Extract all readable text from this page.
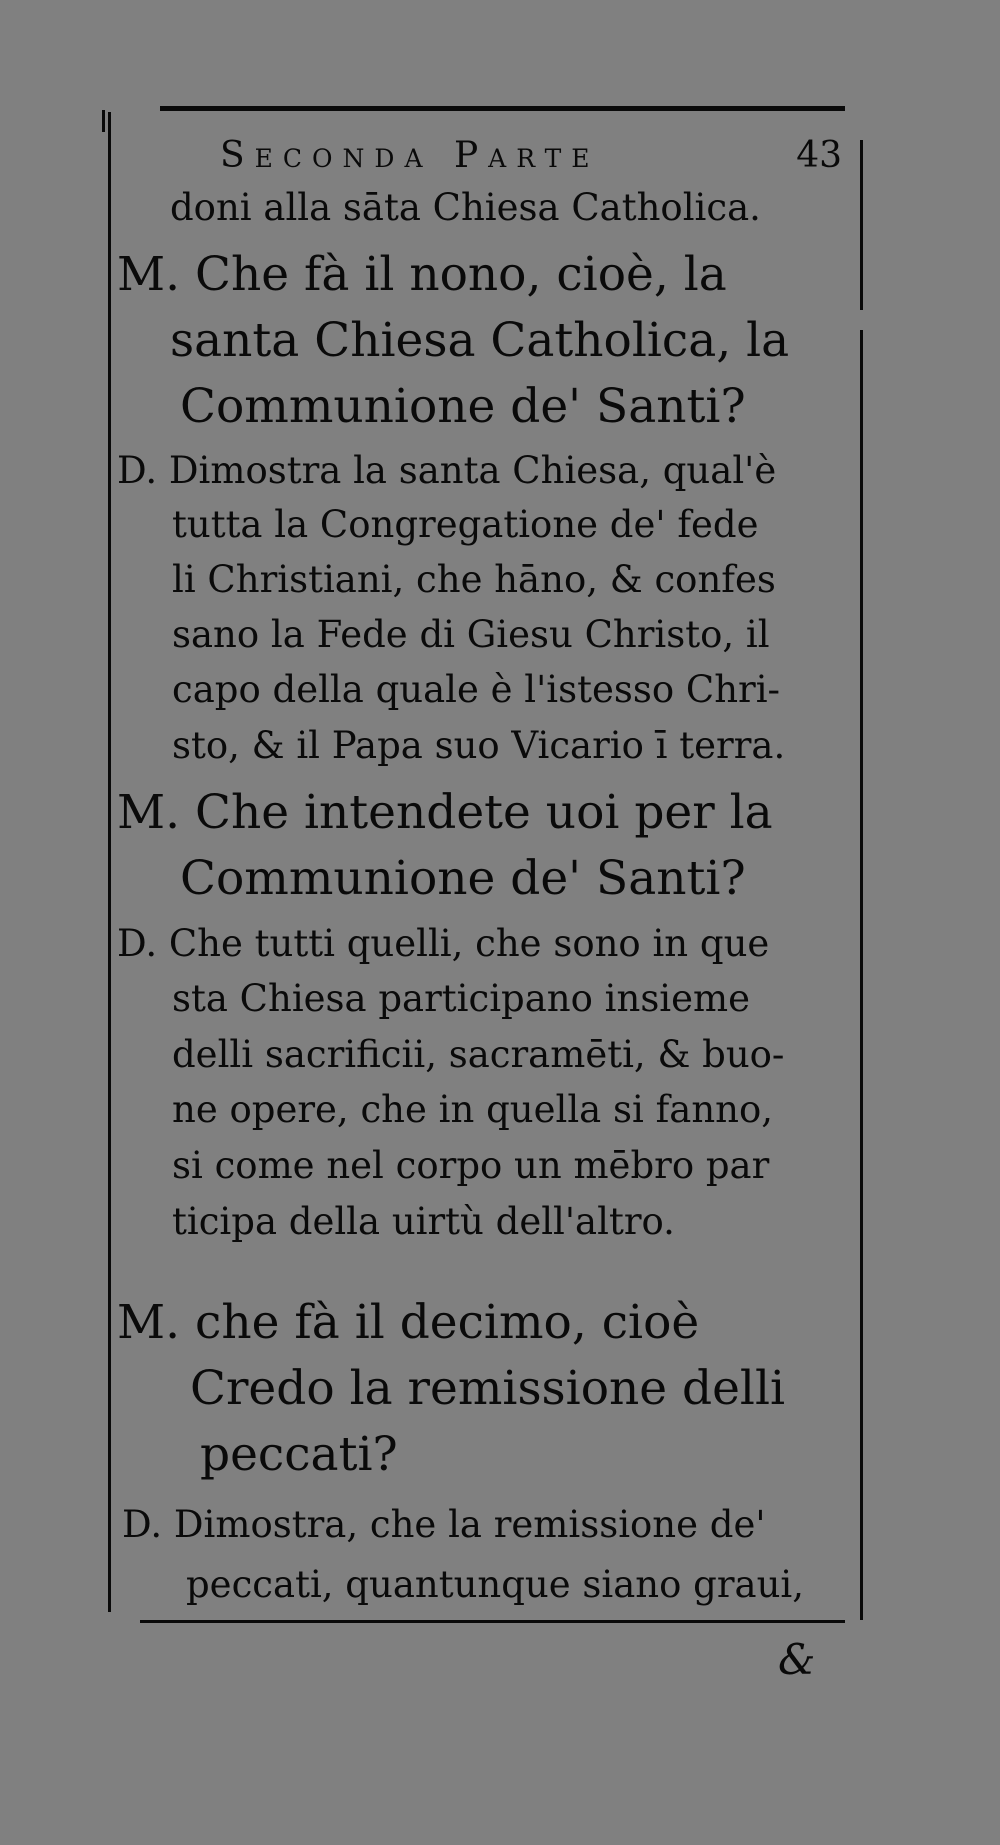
Seconda Parte	43
doni alla sāta Chiesa Catholica.
M. Che fà il nono, cioè, la
santa Chiesa Catholica, la
Communione de' Santi?
D. Dimostra la santa Chiesa, qual'è
tutta la Congregatione de' fede
li Christiani, che hāno, & confes
sano la Fede di Giesu Christo, il
capo della quale è l'istesso Chri-
sto, & il Papa suo Vicario ī terra.
M. Che intendete uoi per la
Communione de' Santi?
D. Che tutti quelli, che sono in que
sta Chiesa participano insieme
delli sacrificii, sacramēti, & buo-
ne opere, che in quella si fanno,
si come nel corpo un mēbro par
ticipa della uirtù dell'altro.
M. che fà il decimo, cioè
Credo la remissione delli
peccati?
D. Dimostra, che la remissione de'
peccati, quantunque siano graui,
&
